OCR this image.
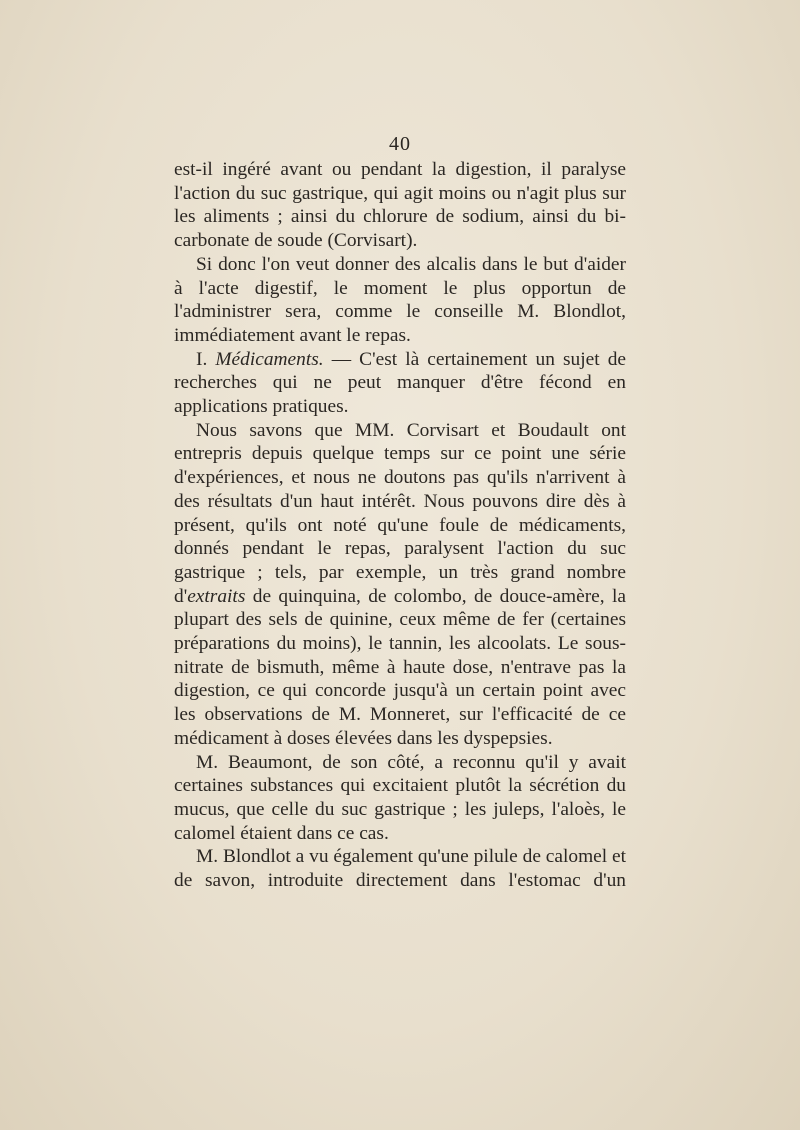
40

est-il ingéré avant ou pendant la digestion, il paralyse l'action du suc gastrique, qui agit moins ou n'agit plus sur les aliments ; ainsi du chlorure de sodium, ainsi du bi-carbonate de soude (Corvisart).

Si donc l'on veut donner des alcalis dans le but d'aider à l'acte digestif, le moment le plus opportun de l'administrer sera, comme le conseille M. Blondlot, immédiatement avant le repas.

I. Médicaments. — C'est là certainement un sujet de recherches qui ne peut manquer d'être fécond en applications pratiques.

Nous savons que MM. Corvisart et Boudault ont entrepris depuis quelque temps sur ce point une série d'expériences, et nous ne doutons pas qu'ils n'arrivent à des résultats d'un haut intérêt. Nous pouvons dire dès à présent, qu'ils ont noté qu'une foule de médicaments, donnés pendant le repas, paralysent l'action du suc gastrique ; tels, par exemple, un très grand nombre d'extraits de quinquina, de colombo, de douce-amère, la plupart des sels de quinine, ceux même de fer (certaines préparations du moins), le tannin, les alcoolats. Le sous-nitrate de bismuth, même à haute dose, n'entrave pas la digestion, ce qui concorde jusqu'à un certain point avec les observations de M. Monneret, sur l'efficacité de ce médicament à doses élevées dans les dyspepsies.

M. Beaumont, de son côté, a reconnu qu'il y avait certaines substances qui excitaient plutôt la sécrétion du mucus, que celle du suc gastrique ; les juleps, l'aloès, le calomel étaient dans ce cas.

M. Blondlot a vu également qu'une pilule de calomel et de savon, introduite directement dans l'estomac d'un
